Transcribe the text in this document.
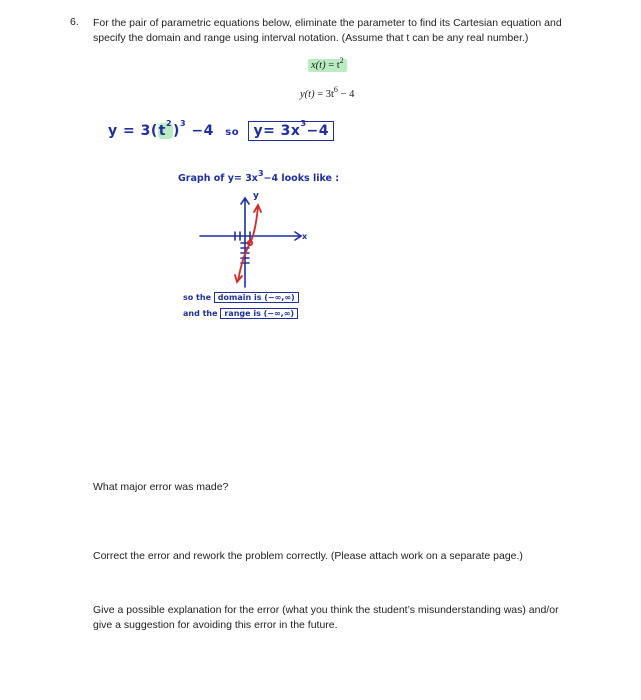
6. For the pair of parametric equations below, eliminate the parameter to find its Cartesian equation and specify the domain and range using interval notation. (Assume that t can be any real number.)
$x(t) = t^2$
$y(t) = 3t^6 - 4$
$y = 3(t^2)^3 -4$ so $y= 3x^3-4$
Graph of $y= 3x^3-4$ looks like :
y
x
so the domain is (−∞,∞)
and the range is (−∞,∞)
What major error was made?
Correct the error and rework the problem correctly. (Please attach work on a separate page.)
Give a possible explanation for the error (what you think the student’s misunderstanding was) and/or give a suggestion for avoiding this error in the future.
